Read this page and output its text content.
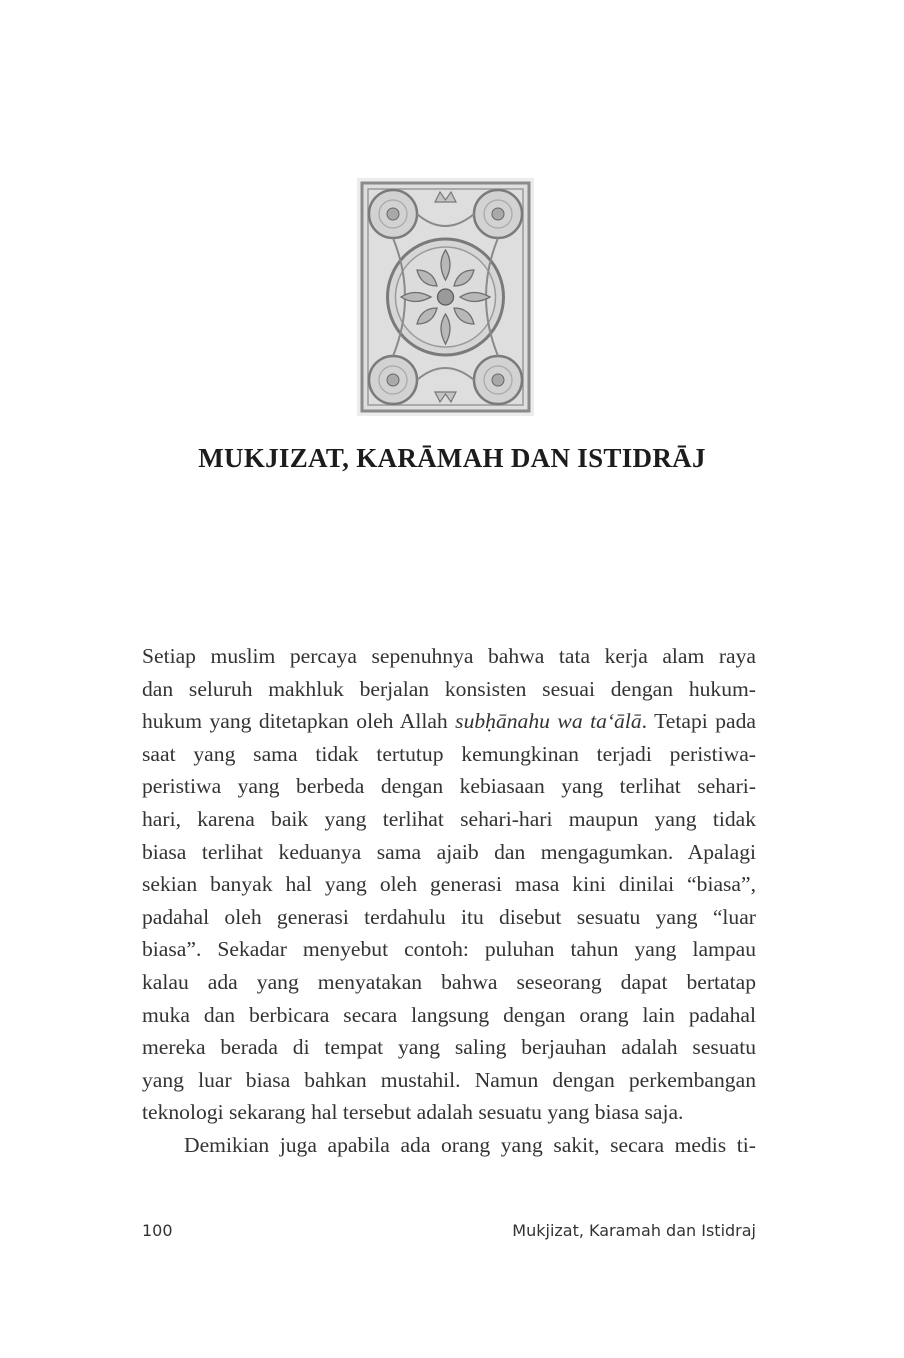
MUKJIZAT, KARĀMAH DAN ISTIDRĀJ
Setiap muslim percaya sepenuhnya bahwa tata kerja alam raya
dan seluruh makhluk berjalan konsisten sesuai dengan hukum-
hukum yang ditetapkan oleh Allah subḥānahu wa ta‘ālā. Tetapi pada
saat yang sama tidak tertutup kemungkinan terjadi peristiwa-
peristiwa yang berbeda dengan kebiasaan yang terlihat sehari-
hari, karena baik yang terlihat sehari-hari maupun yang tidak
biasa terlihat keduanya sama ajaib dan mengagumkan. Apalagi
sekian banyak hal yang oleh generasi masa kini dinilai “biasa”,
padahal oleh generasi terdahulu itu disebut sesuatu yang “luar
biasa”. Sekadar menyebut contoh: puluhan tahun yang lampau
kalau ada yang menyatakan bahwa seseorang dapat bertatap
muka dan berbicara secara langsung dengan orang lain padahal
mereka berada di tempat yang saling berjauhan adalah sesuatu
yang luar biasa bahkan mustahil. Namun dengan perkembangan
teknologi sekarang hal tersebut adalah sesuatu yang biasa saja.
Demikian juga apabila ada orang yang sakit, secara medis ti-
100	Mukjizat, Karamah dan Istidraj
